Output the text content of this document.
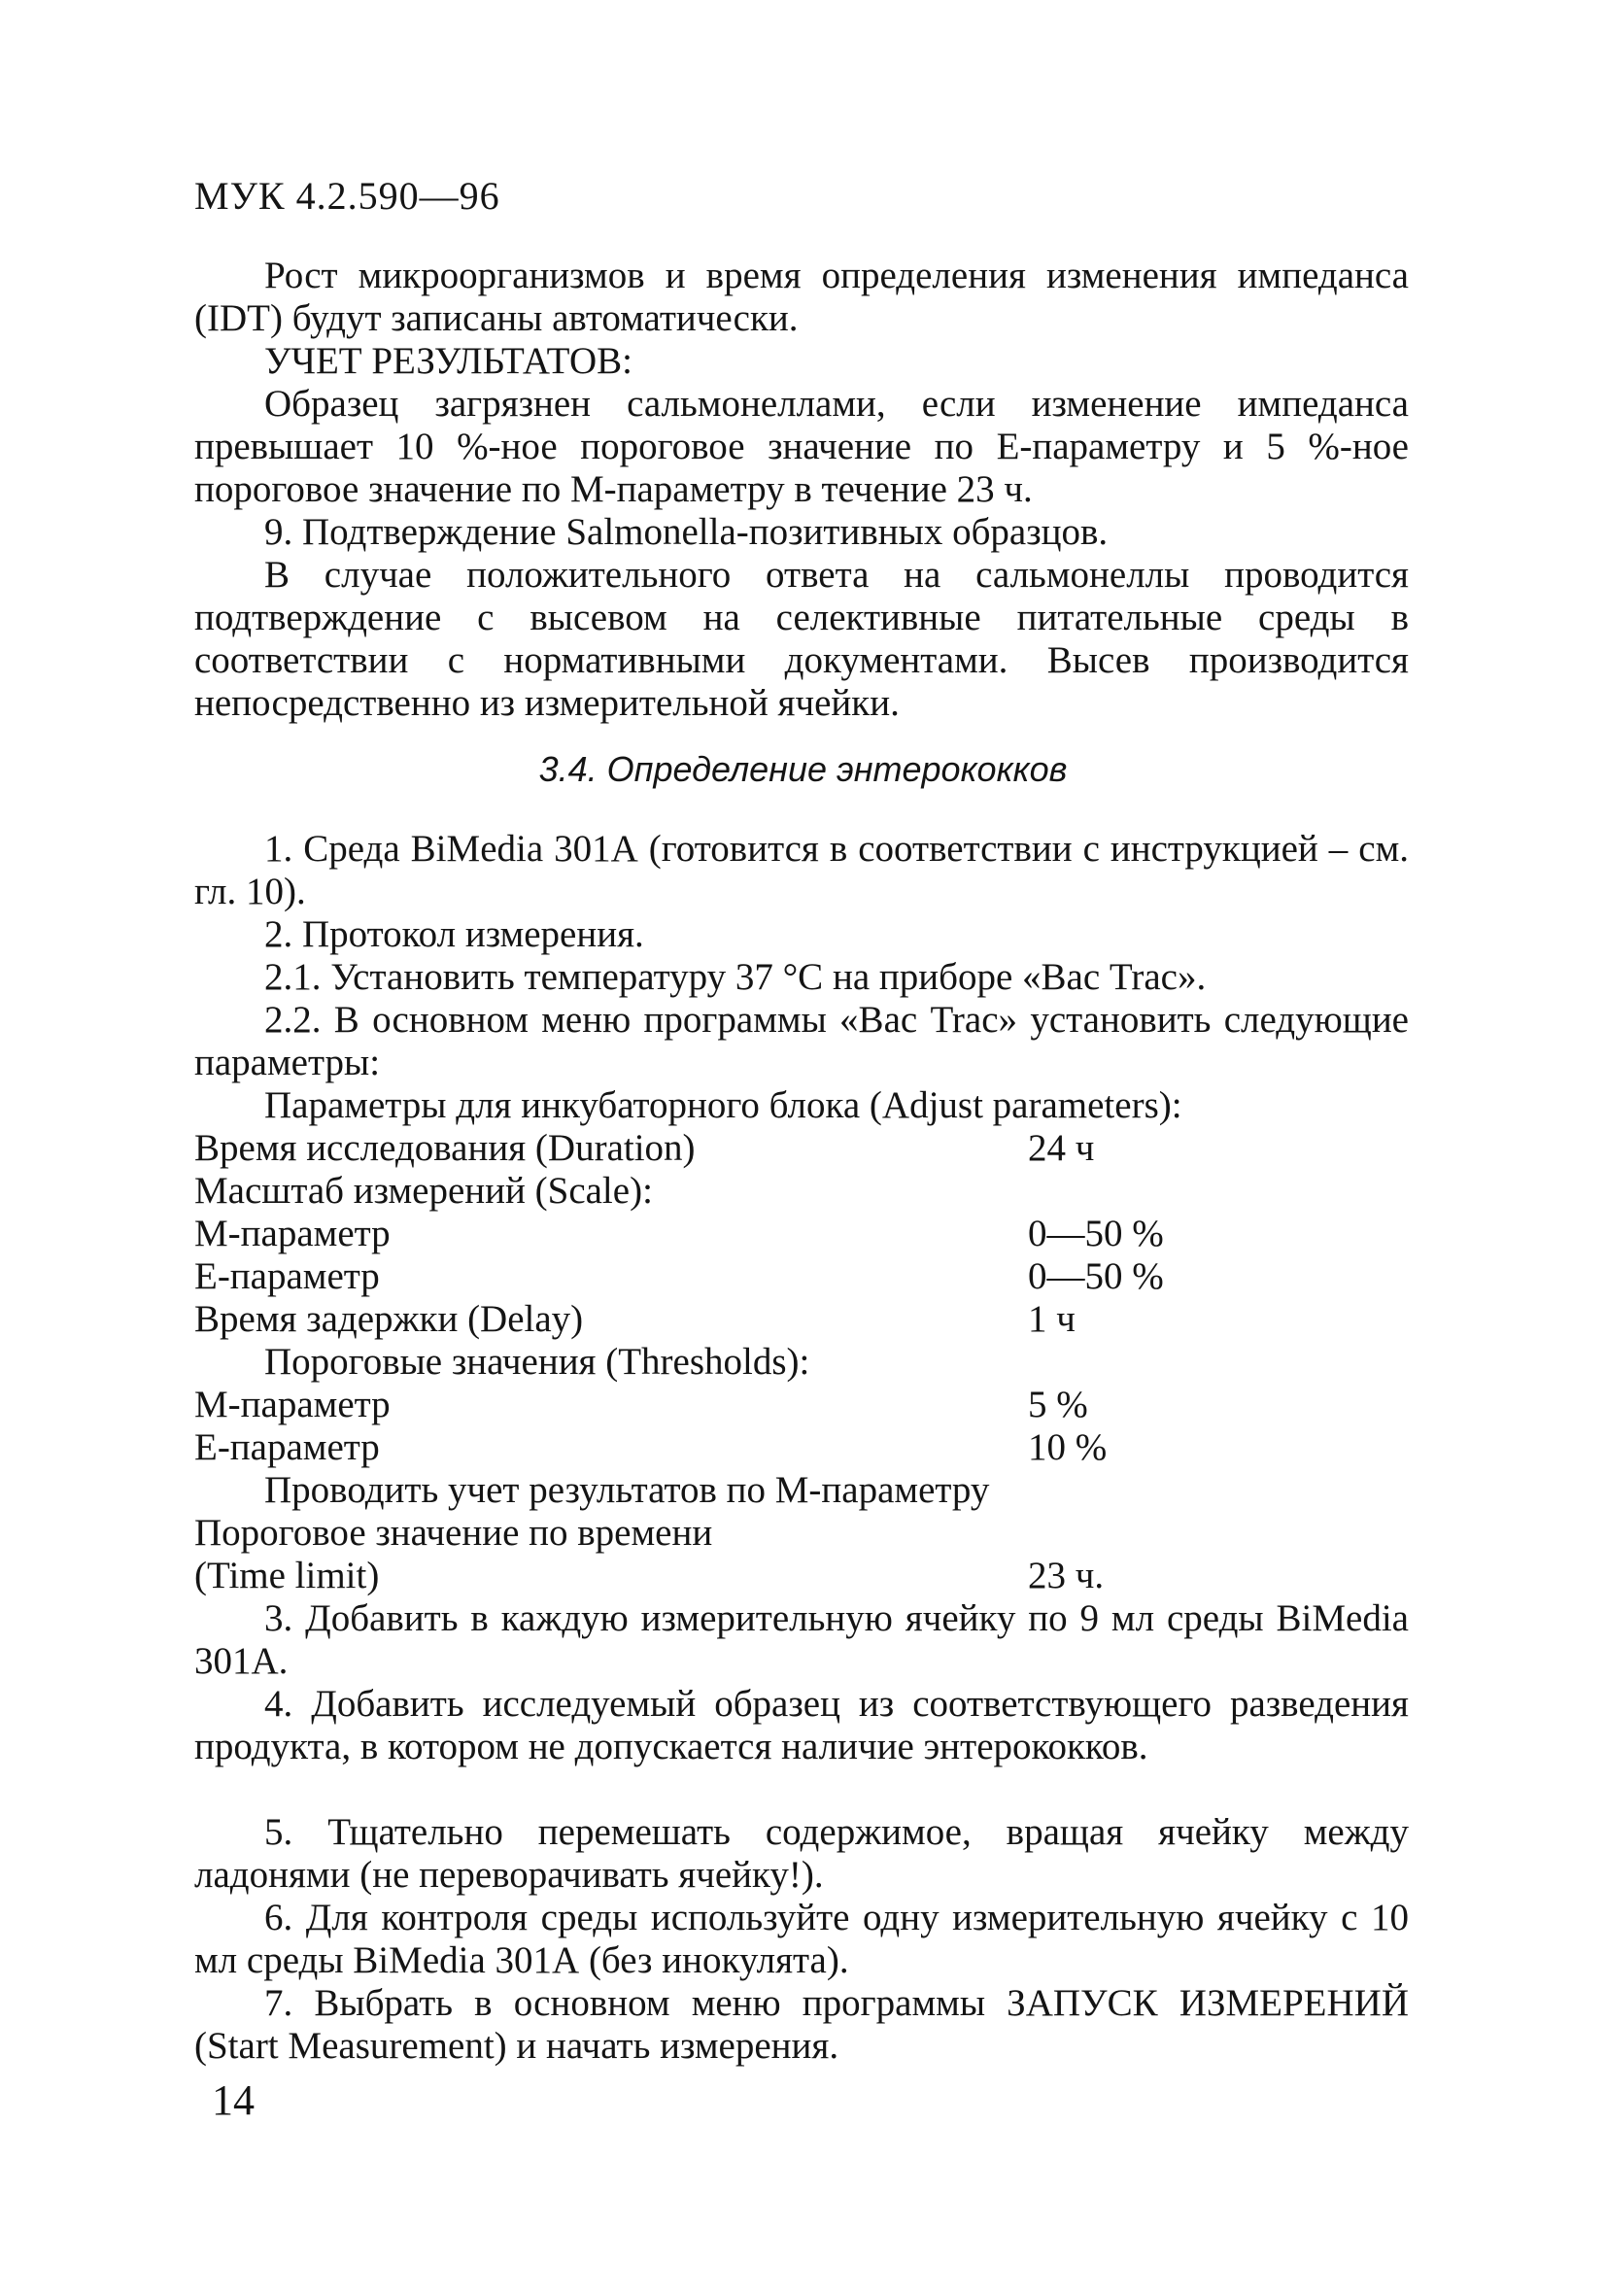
МУК 4.2.590—96

Рост микроорганизмов и время определения изменения импеданса (IDT) будут записаны автоматически.

УЧЕТ РЕЗУЛЬТАТОВ:

Образец загрязнен сальмонеллами, если изменение импеданса превышает 10 %-ное пороговое значение по Е-параметру и 5 %-ное пороговое значение по М-параметру в течение 23 ч.

9. Подтверждение Salmonella-позитивных образцов.

В случае положительного ответа на сальмонеллы проводится подтверждение с высевом на селективные питательные среды в соответствии с нормативными документами. Высев производится непосредственно из измерительной ячейки.

3.4. Определение энтерококков

1. Среда BiMedia 301А (готовится в соответствии с инструкцией – см. гл. 10).

2. Протокол измерения.

2.1. Установить температуру 37 °С на приборе «Вас Trac».

2.2. В основном меню программы «Вас Trac» установить следующие параметры:

Параметры для инкубаторного блока (Adjust parameters):

Время исследования (Duration)	24 ч

Масштаб измерений (Scale):

М-параметр	0—50 %

Е-параметр	0—50 %

Время задержки (Delay)	1 ч

Пороговые значения (Thresholds):

М-параметр	5 %

Е-параметр	10 %

Проводить учет результатов по М-параметру

Пороговое значение по времени

(Time limit)	23 ч.

3. Добавить в каждую измерительную ячейку по 9 мл среды BiMedia 301А.

4. Добавить исследуемый образец из соответствующего разведения продукта, в котором не допускается наличие энтерококков.

5. Тщательно перемешать содержимое, вращая ячейку между ладонями (не переворачивать ячейку!).

6. Для контроля среды используйте одну измерительную ячейку с 10 мл среды BiMedia 301А (без инокулята).

7. Выбрать в основном меню программы ЗАПУСК ИЗМЕРЕНИЙ (Start Measurement) и начать измерения.

14
